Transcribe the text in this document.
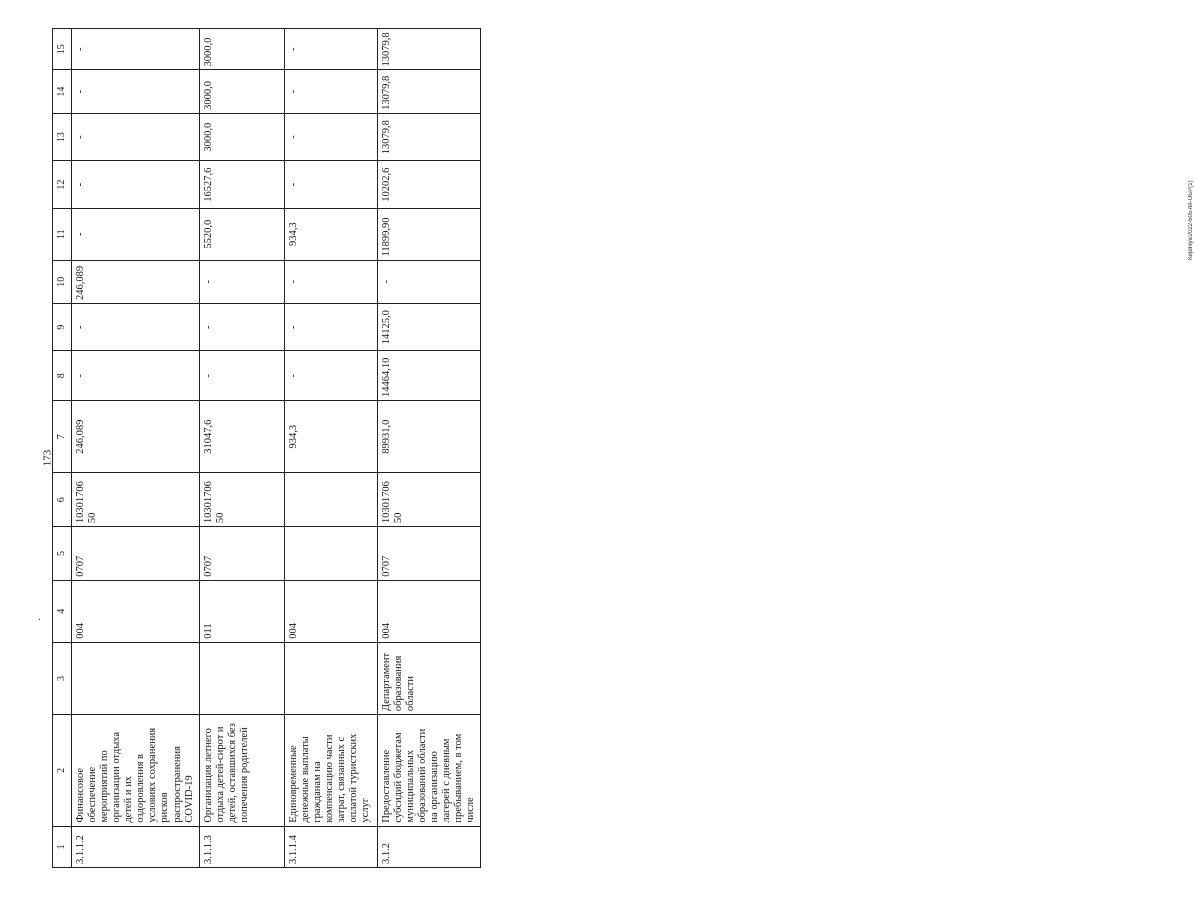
173
.
Кирячук/2022-605-пп-ОБР(1)
1	2	3	4	5	6	7	8	9	10	11	12	13	14	15
3.1.1.2	Финансовое обеспечение мероприятий по организации отдыха детей и их оздоровления в условиях сохранения рисков распространения COVID-19		004	0707	1030170650	246,089	-	-	246,089	-	-	-	-	-
3.1.1.3	Организация летнего отдыха детей-сирот и детей, оставшихся без попечения родителей		011	0707	1030170650	31047,6	-	-	-	5520,0	16527,6	3000,0	3000,0	3000,0
3.1.1.4	Единовременные денежные выплаты гражданам на компенсацию части затрат, связанных с оплатой туристских услуг		004			934,3	-	-	-	934,3	-	-	-	-
3.1.2	Предоставление субсидий бюджетам муниципальных образований области на организацию лагерей с дневным пребыванием, в том числе	Департамент образования области	004	0707	1030170650	89931,0	14464,10	14125,0	-	11899,90	10202,6	13079,8	13079,8	13079,8
